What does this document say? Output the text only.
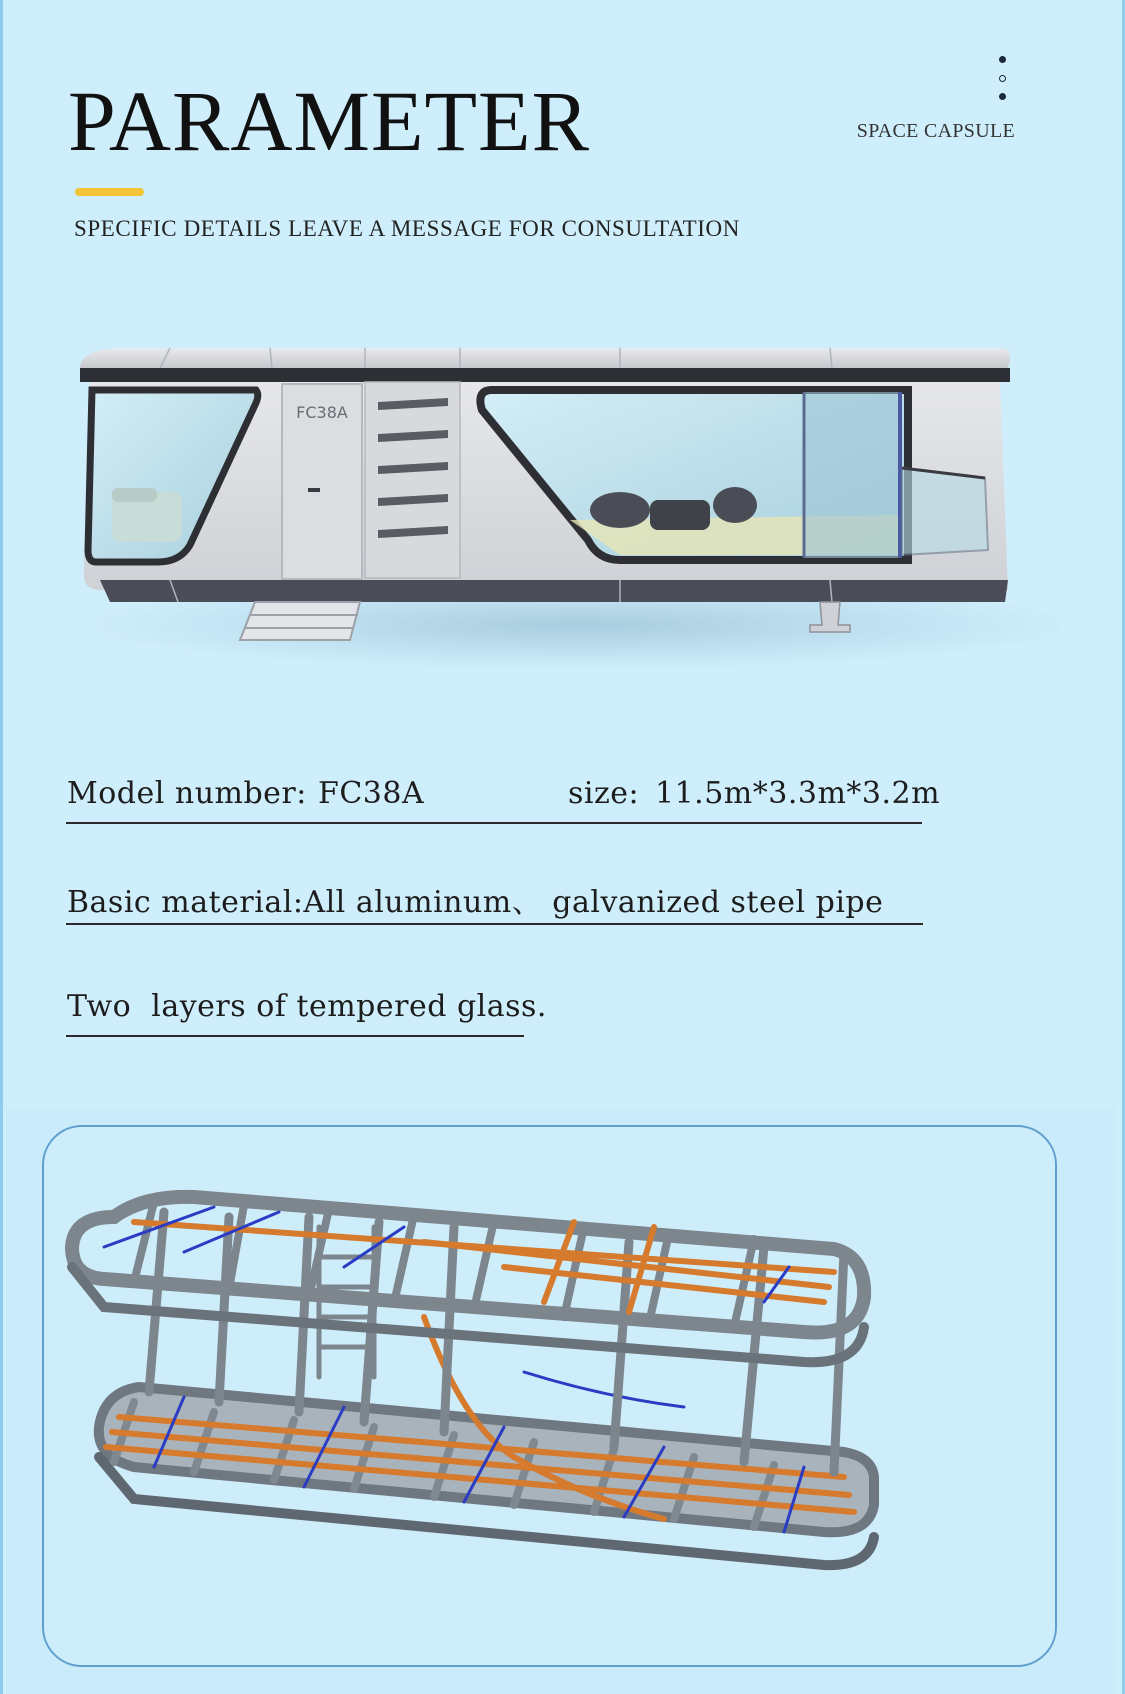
PARAMETER

SPECIFIC DETAILS LEAVE A MESSAGE FOR CONSULTATION

SPACE CAPSULE
FC38A
Model number: FC38A	size: 11.5m*3.3m*3.2m
Basic material:All aluminum、 galvanized steel pipe
Two  layers of tempered glass.
